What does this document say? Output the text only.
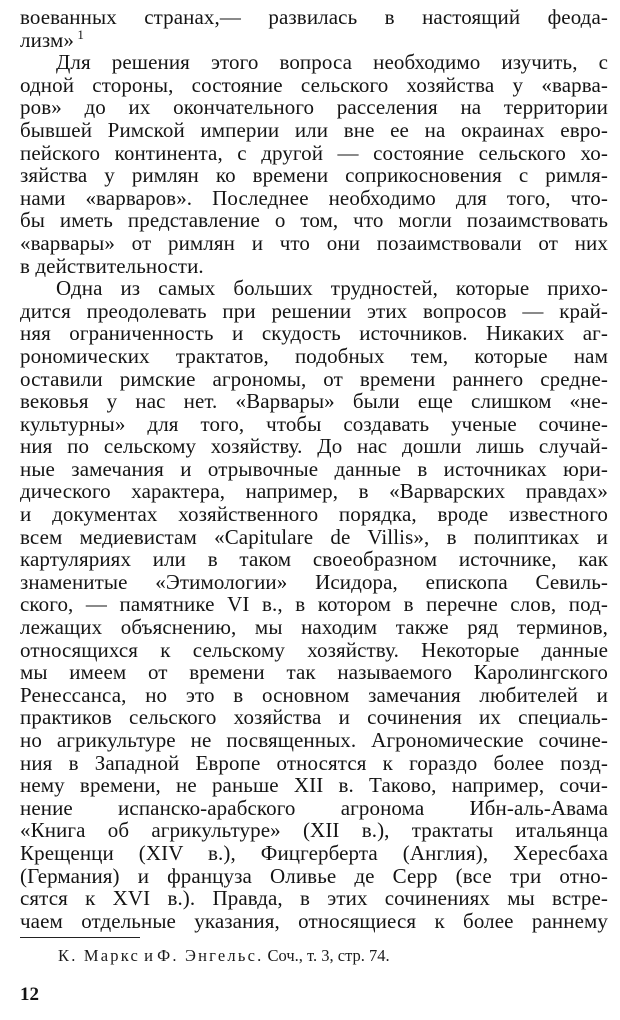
воеванных странах,— развилась в настоящий феода-
лизм» $^1$
Для решения этого вопроса необходимо изучить, с
одной стороны, состояние сельского хозяйства у «варва-
ров» до их окончательного расселения на территории
бывшей Римской империи или вне ее на окраинах евро-
пейского континента, с другой — состояние сельского хо-
зяйства у римлян ко времени соприкосновения с римля-
нами «варваров». Последнее необходимо для того, что-
бы иметь представление о том, что могли позаимствовать
«варвары» от римлян и что они позаимствовали от них
в действительности.
Одна из самых больших трудностей, которые прихо-
дится преодолевать при решении этих вопросов — край-
няя ограниченность и скудость источников. Никаких аг-
рономических трактатов, подобных тем, которые нам
оставили римские агрономы, от времени раннего средне-
вековья у нас нет. «Варвары» были еще слишком «не-
культурны» для того, чтобы создавать ученые сочине-
ния по сельскому хозяйству. До нас дошли лишь случай-
ные замечания и отрывочные данные в источниках юри-
дического характера, например, в «Варварских правдах»
и документах хозяйственного порядка, вроде известного
всем медиевистам «Capitulare de Villis», в полиптиках и
картуляриях или в таком своеобразном источнике, как
знаменитые «Этимологии» Исидора, епископа Севиль-
ского, — памятнике VI в., в котором в перечне слов, под-
лежащих объяснению, мы находим также ряд терминов,
относящихся к сельскому хозяйству. Некоторые данные
мы имеем от времени так называемого Каролингского
Ренессанса, но это в основном замечания любителей и
практиков сельского хозяйства и сочинения их специаль-
но агрикультуре не посвященных. Агрономические сочине-
ния в Западной Европе относятся к гораздо более позд-
нему времени, не раньше XII в. Таково, например, сочи-
нение испанско-арабского агронома Ибн-аль-Авама
«Книга об агрикультуре» (XII в.), трактаты итальянца
Крещенци (XIV в.), Фицгерберта (Англия), Хересбаха
(Германия) и француза Оливье де Серр (все три отно-
сятся к XVI в.). Правда, в этих сочинениях мы встре-
чаем отдельные указания, относящиеся к более раннему
К. Маркс и Ф. Энгельс. Соч., т. 3, стр. 74.
12
